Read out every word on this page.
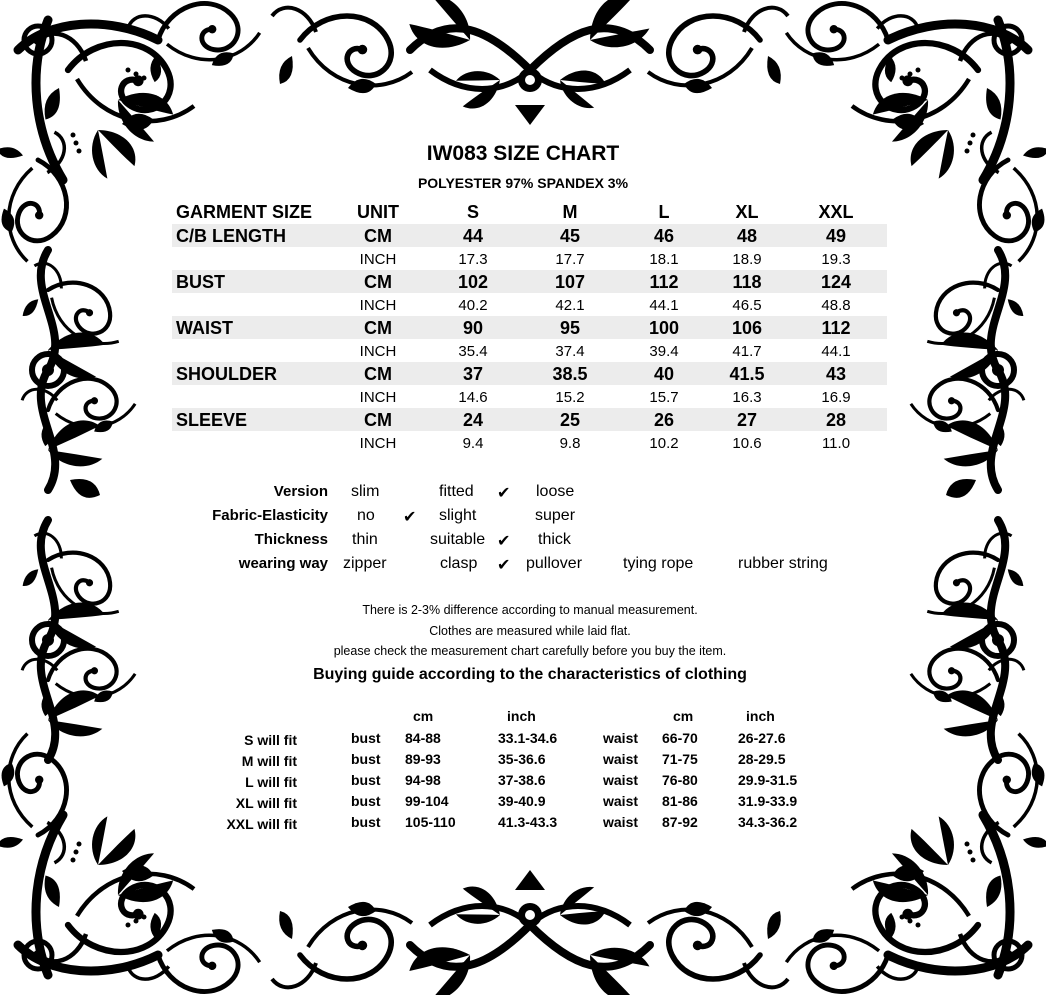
IW083 SIZE CHART
POLYESTER 97% SPANDEX 3%
GARMENT SIZE	UNIT	S	M	L	XL	XXL
C/B LENGTH	CM	44	45	46	48	49
INCH	17.3	17.7	18.1	18.9	19.3
BUST	CM	102	107	112	118	124
INCH	40.2	42.1	44.1	46.5	48.8
WAIST	CM	90	95	100	106	112
INCH	35.4	37.4	39.4	41.7	44.1
SHOULDER	CM	37	38.5	40	41.5	43
INCH	14.6	15.2	15.7	16.3	16.9
SLEEVE	CM	24	25	26	27	28
INCH	9.4	9.8	10.2	10.6	11.0
Version slim	fitted ✔ loose
Fabric-Elasticity no ✔ slight	super
Thickness thin	suitable ✔ thick
wearing way zipper	clasp ✔ pullover	tying rope	rubber string
There is 2-3% difference according to manual measurement.
Clothes are measured while laid flat.
please check the measurement chart carefully before you buy the item.
Buying guide according to the characteristics of clothing
cm	inch	cm	inch
S will fit	bust 84-88	33.1-34.6	waist 66-70	26-27.6
M will fit	bust 89-93	35-36.6	waist 71-75	28-29.5
L will fit	bust 94-98	37-38.6	waist 76-80	29.9-31.5
XL will fit	bust 99-104	39-40.9	waist 81-86	31.9-33.9
XXL will fit	bust 105-110	41.3-43.3	waist 87-92	34.3-36.2
